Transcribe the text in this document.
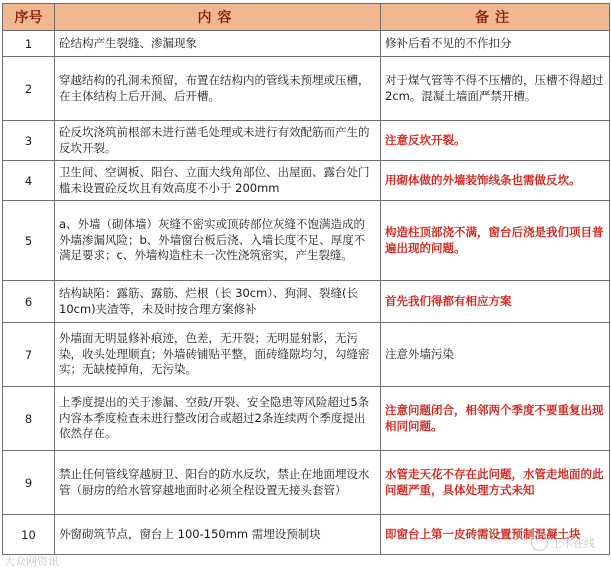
序号	内容	备注
1	砼结构产生裂缝、渗漏现象	修补后看不见的不作扣分
2	穿越结构的孔洞未预留，布置在结构内的管线未预埋或压槽，在主体结构上后开洞、后开槽。	对于煤气管等不得不压槽的，压槽不得超过2cm。混凝土墙面严禁开槽。
3	砼反坎浇筑前根部未进行凿毛处理或未进行有效配筋而产生的反坎开裂。	注意反坎开裂。
4	卫生间、空调板、阳台、立面大线角部位、出屋面、露台处门槛未设置砼反坎且有效高度不小于 200mm	用砌体做的外墙装饰线条也需做反坎。
5	a、外墙（砌体墙）灰缝不密实或顶砖部位灰缝不饱满造成的外墙渗漏风险；b、外墙窗台板后浇、入墙长度不足、厚度不满足要求；c、外墙构造柱未一次性浇筑密实，产生裂缝。	构造柱顶部浇不满，窗台后浇是我们项目普遍出现的问题。
6	结构缺陷：露筋、露筋、烂根（长 30cm）、狗洞、裂缝(长10cm)夹渣等，未及时按合理方案修补	首先我们得都有相应方案
7	外墙面无明显修补痕迹，色差，无开裂；无明显射影，无污染，收头处理顺直；外墙砖铺贴平整，面砖缝隙均匀，勾缝密实；无缺棱掉角，无污染。	注意外墙污染
8	上季度提出的关于渗漏、空鼓/开裂、安全隐患等风险超过5条内容本季度检查未进行整改闭合或超过2条连续两个季度提出依然存在。	注意问题闭合，相邻两个季度不要重复出现相同问题。
9	禁止任何管线穿越厨卫、阳台的防水反坎，禁止在地面埋设水管（厨房的给水管穿越地面时必须全程设置无接头套管）	水管走天花不存在此问题，水管走地面的此问题严重，具体处理方式未知
10	外窗砌筑节点，窗台上 100-150mm 需埋设预制块	即窗台上第一皮砖需设置预制混凝土块
大众网资讯
土木在线
